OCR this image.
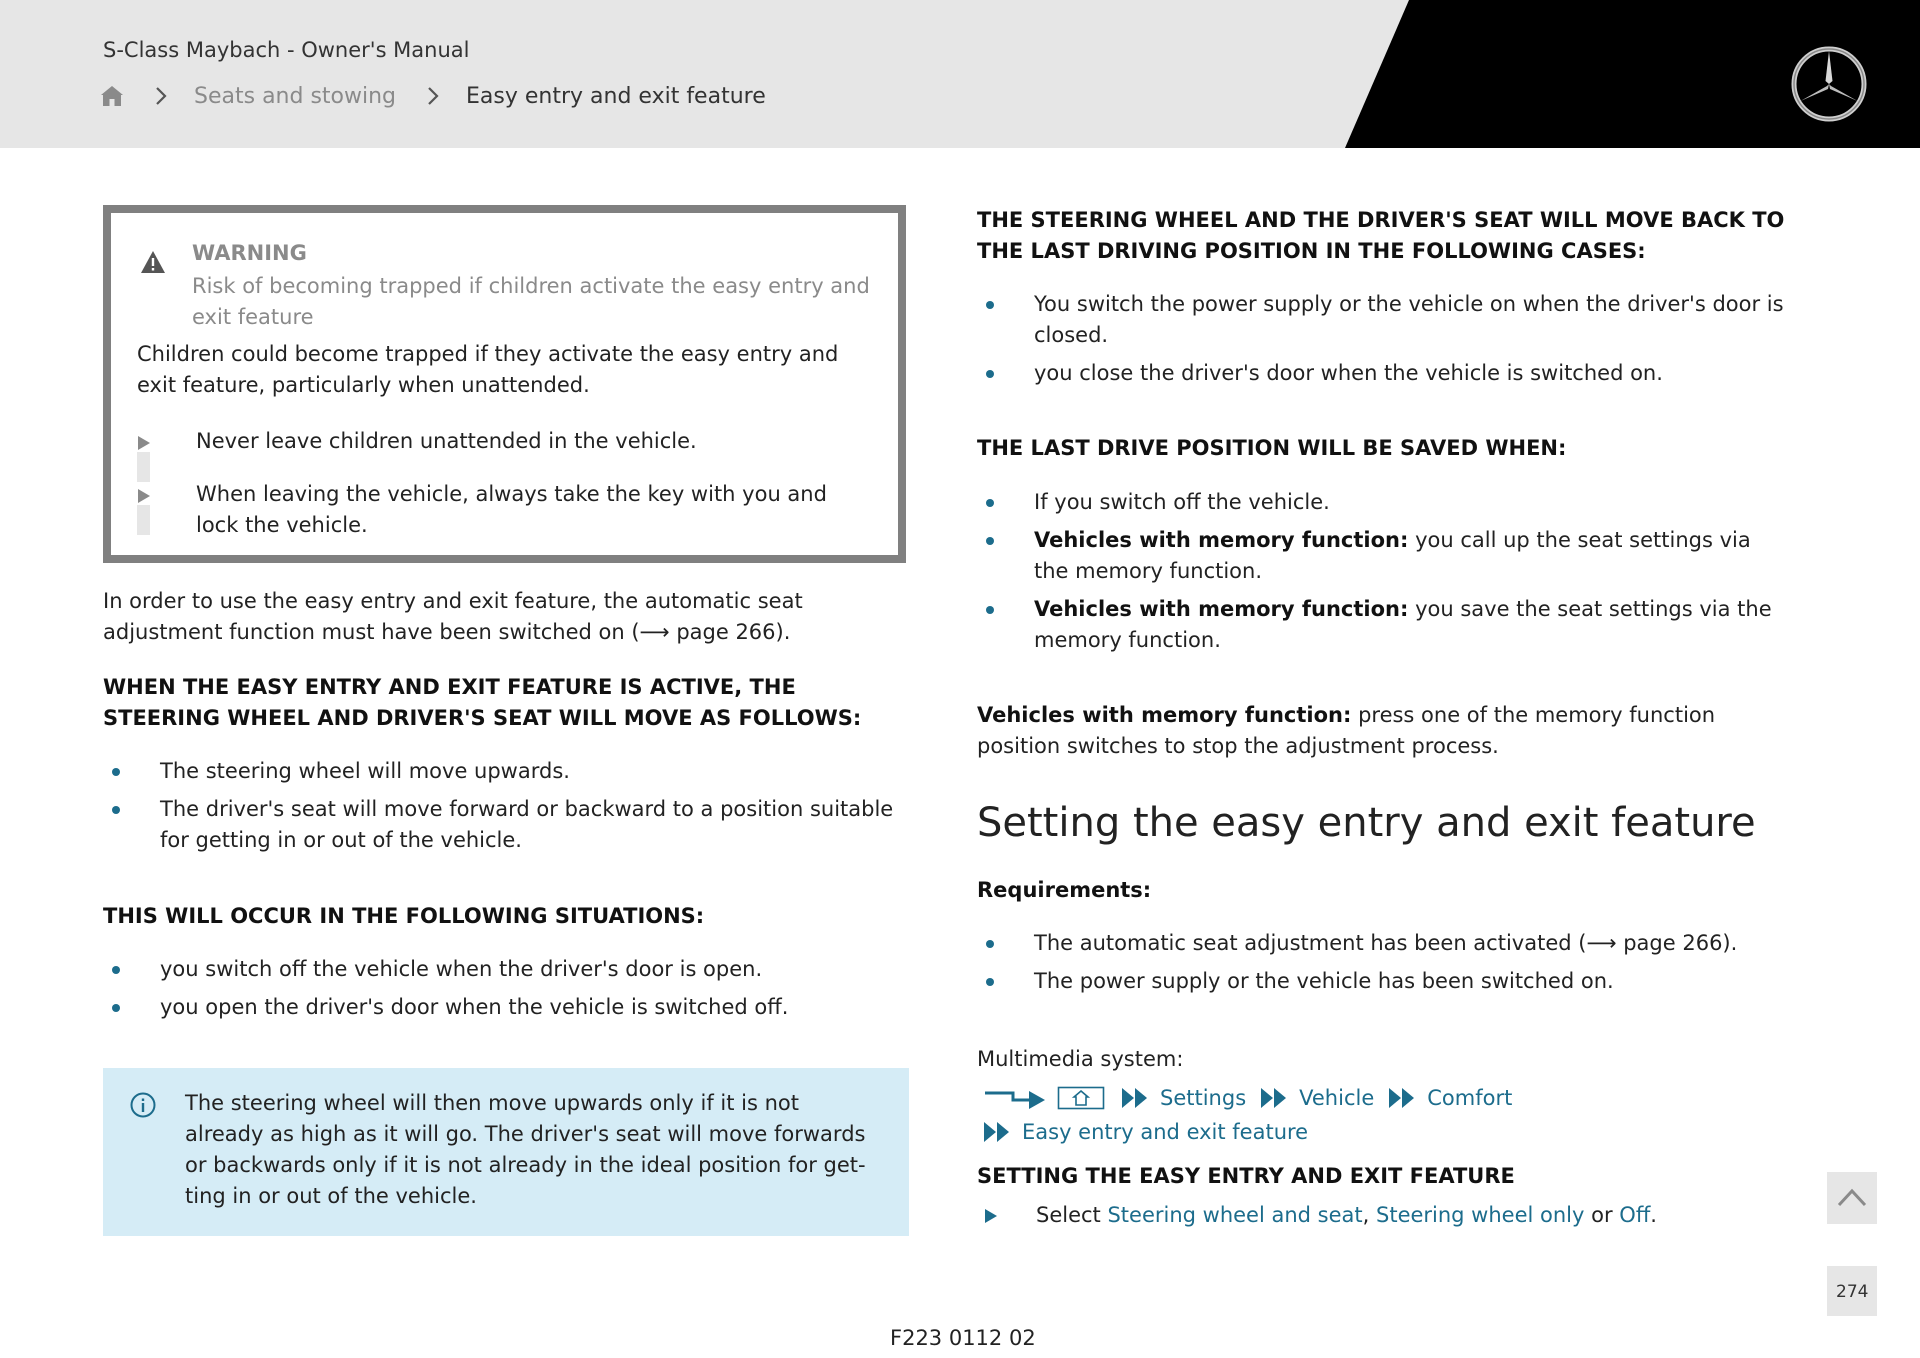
S-Class Maybach - Owner's Manual
Seats and stowing	Easy entry and exit feature
WARNING
Risk of becoming trapped if children activate the easy entry and exit feature
Children could become trapped if they activate the easy entry and exit feature, particularly when unattended.
Never leave children unattended in the vehicle.
When leaving the vehicle, always take the key with you and lock the vehicle.
In order to use the easy entry and exit feature, the automatic seat adjustment function must have been switched on (⟶ page 266).
WHEN THE EASY ENTRY AND EXIT FEATURE IS ACTIVE, THE STEERING WHEEL AND DRIVER'S SEAT WILL MOVE AS FOLLOWS:
The steering wheel will move upwards.
The driver's seat will move forward or backward to a position suitable for getting in or out of the vehicle.
THIS WILL OCCUR IN THE FOLLOWING SITUATIONS:
you switch off the vehicle when the driver's door is open.
you open the driver's door when the vehicle is switched off.
The steering wheel will then move upwards only if it is not already as high as it will go. The driver's seat will move forwards or backwards only if it is not already in the ideal position for get-ting in or out of the vehicle.
THE STEERING WHEEL AND THE DRIVER'S SEAT WILL MOVE BACK TO THE LAST DRIVING POSITION IN THE FOLLOWING CASES:
You switch the power supply or the vehicle on when the driver's door is closed.
you close the driver's door when the vehicle is switched on.
THE LAST DRIVE POSITION WILL BE SAVED WHEN:
If you switch off the vehicle.
Vehicles with memory function: you call up the seat settings via the memory function.
Vehicles with memory function: you save the seat settings via the memory function.
Vehicles with memory function: press one of the memory function position switches to stop the adjustment process.
Setting the easy entry and exit feature
Requirements:
The automatic seat adjustment has been activated (⟶ page 266).
The power supply or the vehicle has been switched on.
Multimedia system:
Settings	Vehicle	Comfort
Easy entry and exit feature
SETTING THE EASY ENTRY AND EXIT FEATURE
Select Steering wheel and seat, Steering wheel only or Off.
274
F223 0112 02
